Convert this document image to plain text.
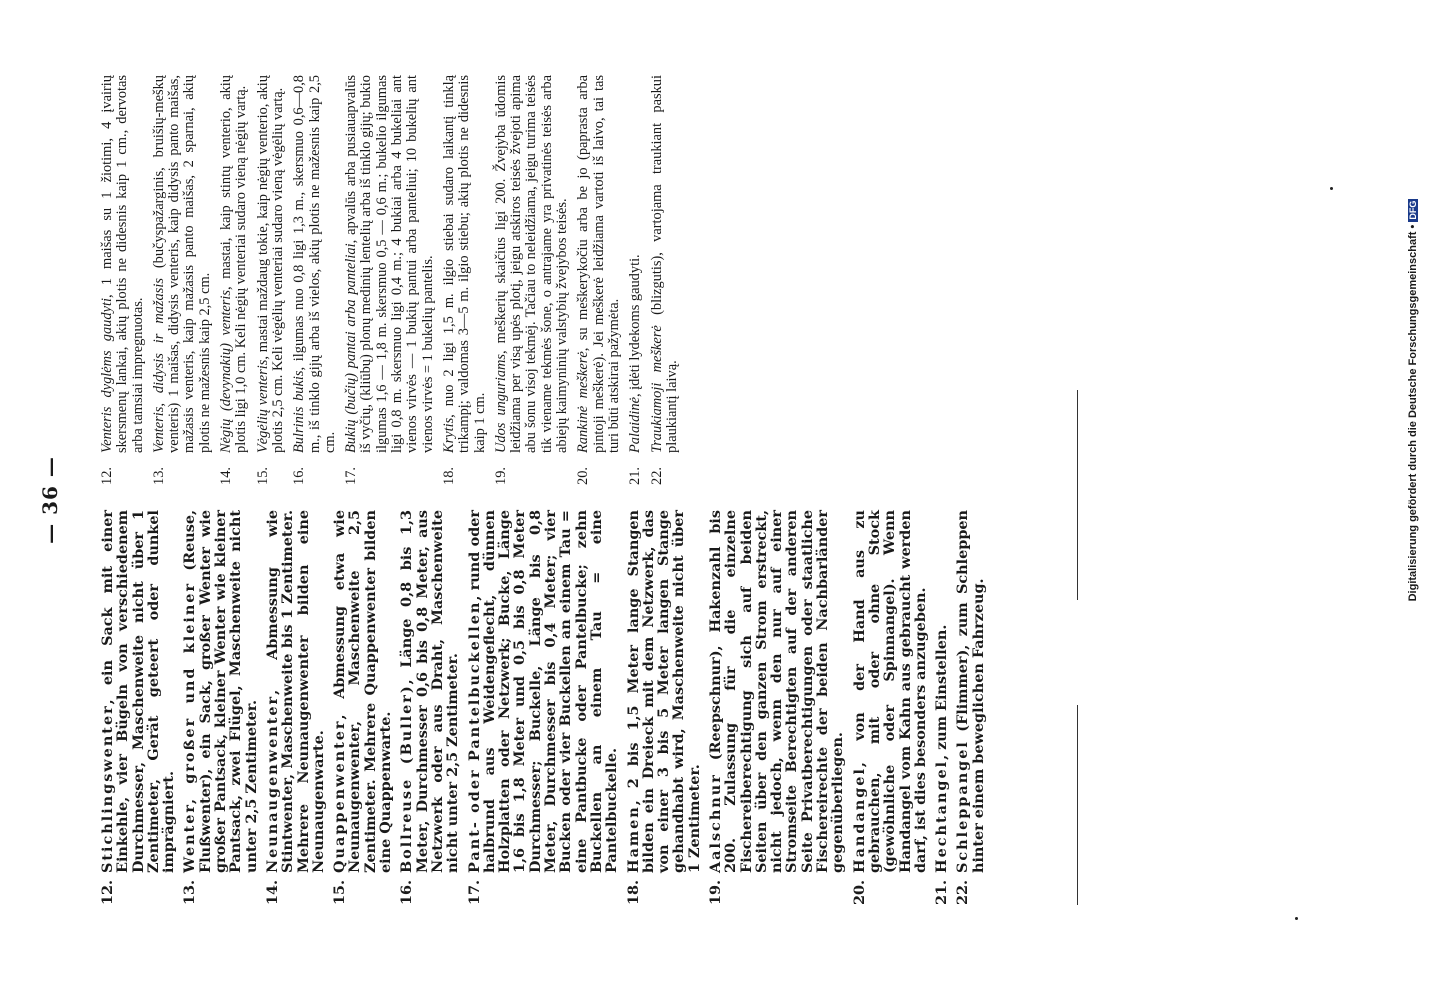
— 36 —
12.
Stichlingswenter, ein Sack mit einer Einkehle, vier Bügeln von verschiedenem Durchmesser, Maschenweite nicht über 1 Zentimeter, Gerät geteert oder dunkel imprägniert.
13.
Wenter, großer und kleiner (Reuse, Flußwenter), ein Sack, großer Wenter wie großer Pantsack, kleiner Wenter wie kleiner Pantsack, zwei Flügel, Maschenweite nicht unter 2,5 Zentimeter.
14.
Neunaugenwenter, Abmessung wie Stintwenter, Maschenweite bis 1 Zentimeter. Mehrere Neunaugenwenter bilden eine Neunaugenwarte.
15.
Quappenwenter, Abmessung etwa wie Neunaugenwenter, Maschenweite 2,5 Zentimeter. Mehrere Quappenwenter bilden eine Quappenwarte.
16.
Bollreuse (Buller), Länge 0,8 bis 1,3 Meter, Durchmesser 0,6 bis 0,8 Meter, aus Netzwerk oder aus Draht, Maschenweite nicht unter 2,5 Zentimeter.
17.
Pant- oder Pantelbuckellen, rund oder halbrund aus Weidengeflecht, dünnen Holzplatten oder Netzwerk; Bucke, Länge 1,6 bis 1,8 Meter und 0,5 bis 0,8 Meter Durchmesser; Buckelle, Länge bis 0,8 Meter, Durchmesser bis 0,4 Meter; vier Bucken oder vier Buckellen an einem Tau = eine Pantbucke oder Pantelbucke; zehn Buckellen an einem Tau = eine Pantelbuckelle.
18.
Hamen, 2 bis 1,5 Meter lange Stangen bilden ein Dreieck mit dem Netzwerk, das von einer 3 bis 5 Meter langen Stange gehandhabt wird, Maschenweite nicht über 1 Zentimeter.
19.
Aalschnur (Reepschnur), Hakenzahl bis 200. Zulassung für die einzelne Fischereiberechtigung sich auf beiden Seiten über den ganzen Strom erstreckt, nicht jedoch, wenn den nur auf einer Stromseite Berechtigten auf der anderen Seite Privatberechtigungen oder staatliche Fischereirechte der beiden Nachbarländer gegenüberliegen.
20.
Handangel, von der Hand aus zu gebrauchen, mit oder ohne Stock (gewöhnliche oder Spinnangel). Wenn Handangel vom Kahn aus gebraucht werden darf, ist dies besonders anzugeben.
21.
Hechtangel, zum Einstellen.
22.
Schleppangel (Flimmer), zum Schleppen hinter einem beweglichen Fahrzeug.
12.
Venteris dyglėms gaudyti, 1 maišas su 1 žiotimi, 4 įvairių skersmenų lankai, akių plotis ne didesnis kaip 1 cm., dervotas arba tamsiai impregnuotas.
13.
Venteris, didysis ir mažasis (bučyspažarginis, bruišių-meškų venteris) 1 maišas, didysis venteris, kaip didysis panto maišas, mažasis venteris, kaip mažasis panto maišas, 2 sparnai, akių plotis ne mažesnis kaip 2,5 cm.
14.
Nėgių (devynakių) venteris, mastai, kaip stintų venterio, akių plotis ligi 1,0 cm. Keli nėgių venteriai sudaro vieną nėgių vartą.
15.
Vėgėlių venteris, mastai maždaug tokie, kaip nėgių venterio, akių plotis 2,5 cm. Keli vėgėlių venteriai sudaro vieną vėgėlių vartą.
16.
Bulrinis bukis, ilgumas nuo 0,8 ligi 1,3 m., skersmuo 0,6—0,8 m., iš tinklo gijų arba iš vielos, akių plotis ne mažesnis kaip 2,5 cm.
17.
Bukių (bučių) pantai arba panteliai, apvalūs arba pusiauapvalūs iš vyčių, (kliūbų) plonų medinių lentelių arba iš tinklo gijų; bukio ilgumas 1,6 — 1,8 m. skersmuo 0,5 — 0,6 m.; bukelio ilgumas ligi 0,8 m. skersmuo ligi 0,4 m.; 4 bukiai arba 4 bukeliai ant vienos virvės — 1 bukių pantui arba panteliui; 10 bukelių ant vienos virvės = 1 bukelių pantelis.
18.
Krytis, nuo 2 ligi 1,5 m. ilgio stiebai sudaro laikantį tinklą trikampį; valdomas 3—5 m. ilgio stiebu; akių plotis ne didesnis kaip 1 cm.
19.
Udos unguriams, meškerių skaičius ligi 200. Žvejyba ūdomis leidžiama per visą upės plotį, jeigu atskiros teisės žvejoti apima abu šonu visoj tekmėj. Tačiau to neleidžiama, jeigu turima teisės tik viename tekmės šone, o antrajame yra privatinės teisės arba abiejų kaimyninių valstybių žvejybos teisės.
20.
Rankinė meškerė, su meškerykočiu arba be jo (paprasta arba pintoji meškerė). Jei meškerė leidžiama vartoti iš laivo, tai tas turi būti atskirai pažymėta.
21.
Palaidinė, įdėti lydekoms gaudyti.
22.
Traukiamoji meškerė (blizgutis), vartojama traukiant paskui plaukiantį laivą.	Digitalisierung gefördert durch die Deutsche Forschungsgemeinschaft • DFG
